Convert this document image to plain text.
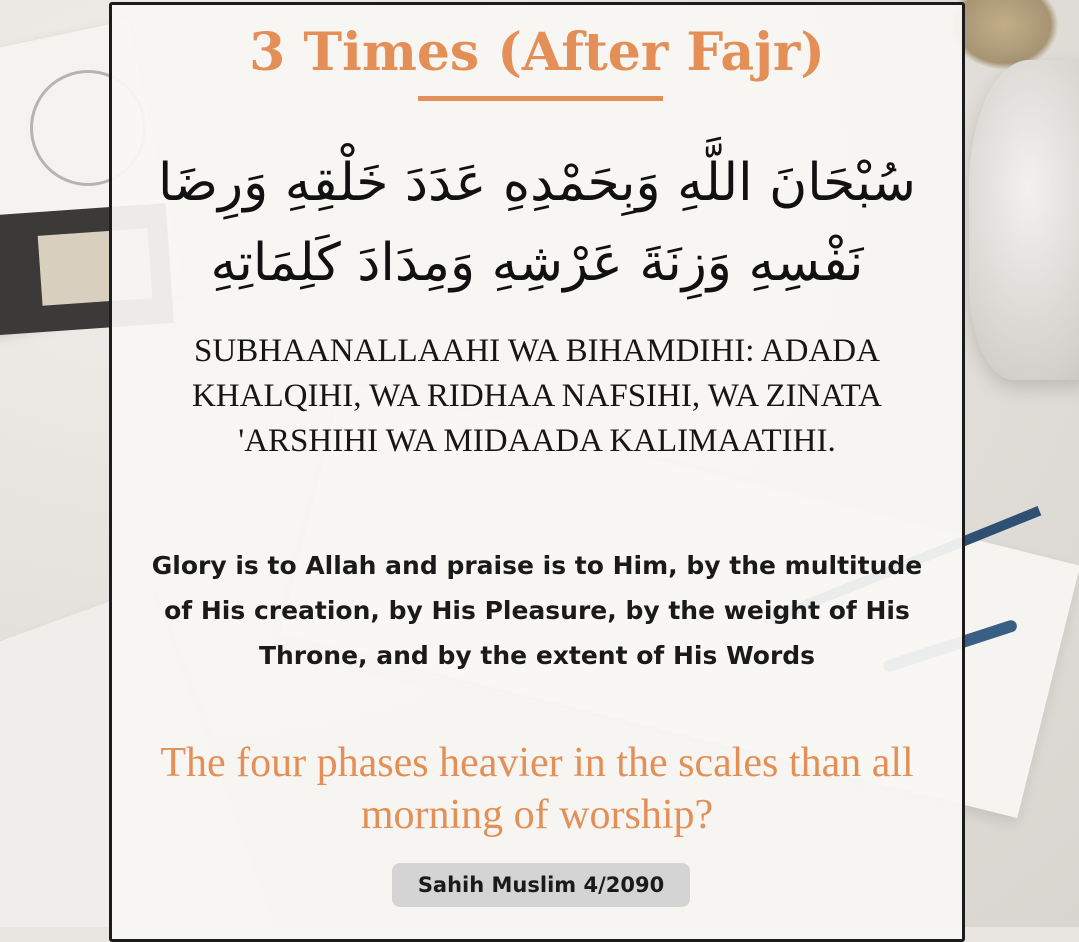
3 Times (After Fajr)

سُبْحَانَ اللَّهِ وَبِحَمْدِهِ عَدَدَ خَلْقِهِ وَرِضَا نَفْسِهِ وَزِنَةَ عَرْشِهِ وَمِدَادَ كَلِمَاتِهِ

SUBHAANALLAAHI WA BIHAMDIHI: ADADA KHALQIHI, WA RIDHAA NAFSIHI, WA ZINATA 'ARSHIHI WA MIDAADA KALIMAATIHI.

Glory is to Allah and praise is to Him, by the multitude of His creation, by His Pleasure, by the weight of His Throne, and by the extent of His Words

The four phases heavier in the scales than all morning of worship?

Sahih Muslim 4/2090
